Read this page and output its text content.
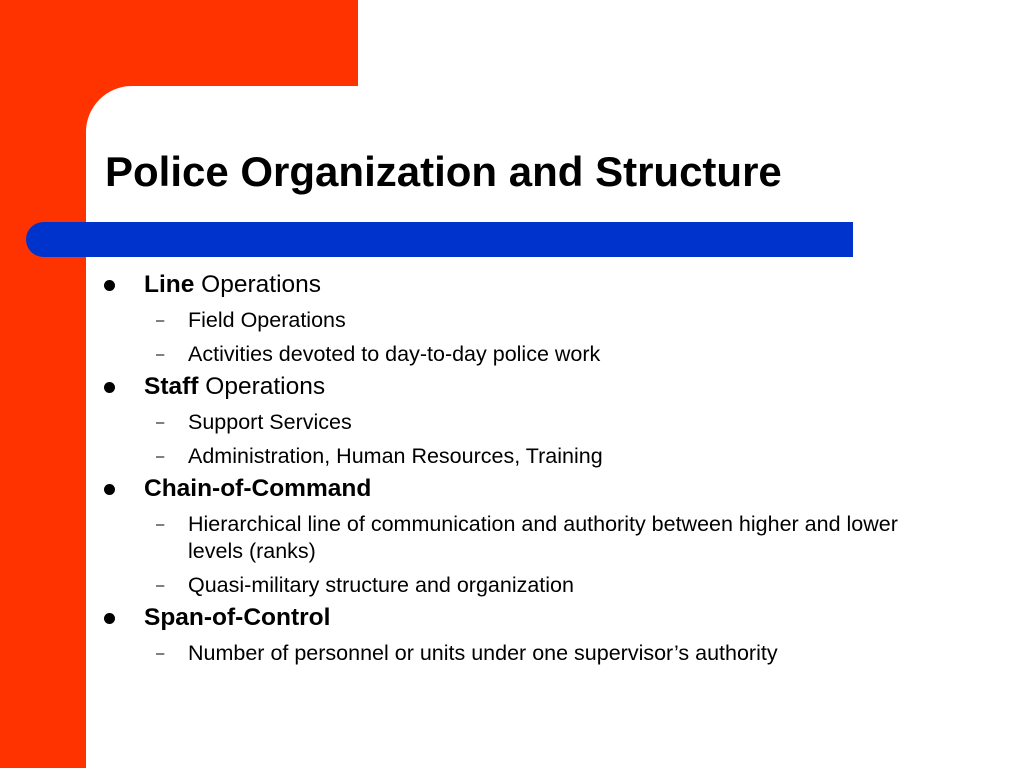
Police Organization and Structure
Line Operations
– Field Operations
– Activities devoted to day-to-day police work
Staff Operations
– Support Services
– Administration, Human Resources, Training
Chain-of-Command
– Hierarchical line of communication and authority between higher and lower levels (ranks)
– Quasi-military structure and organization
Span-of-Control
– Number of personnel or units under one supervisor’s authority
